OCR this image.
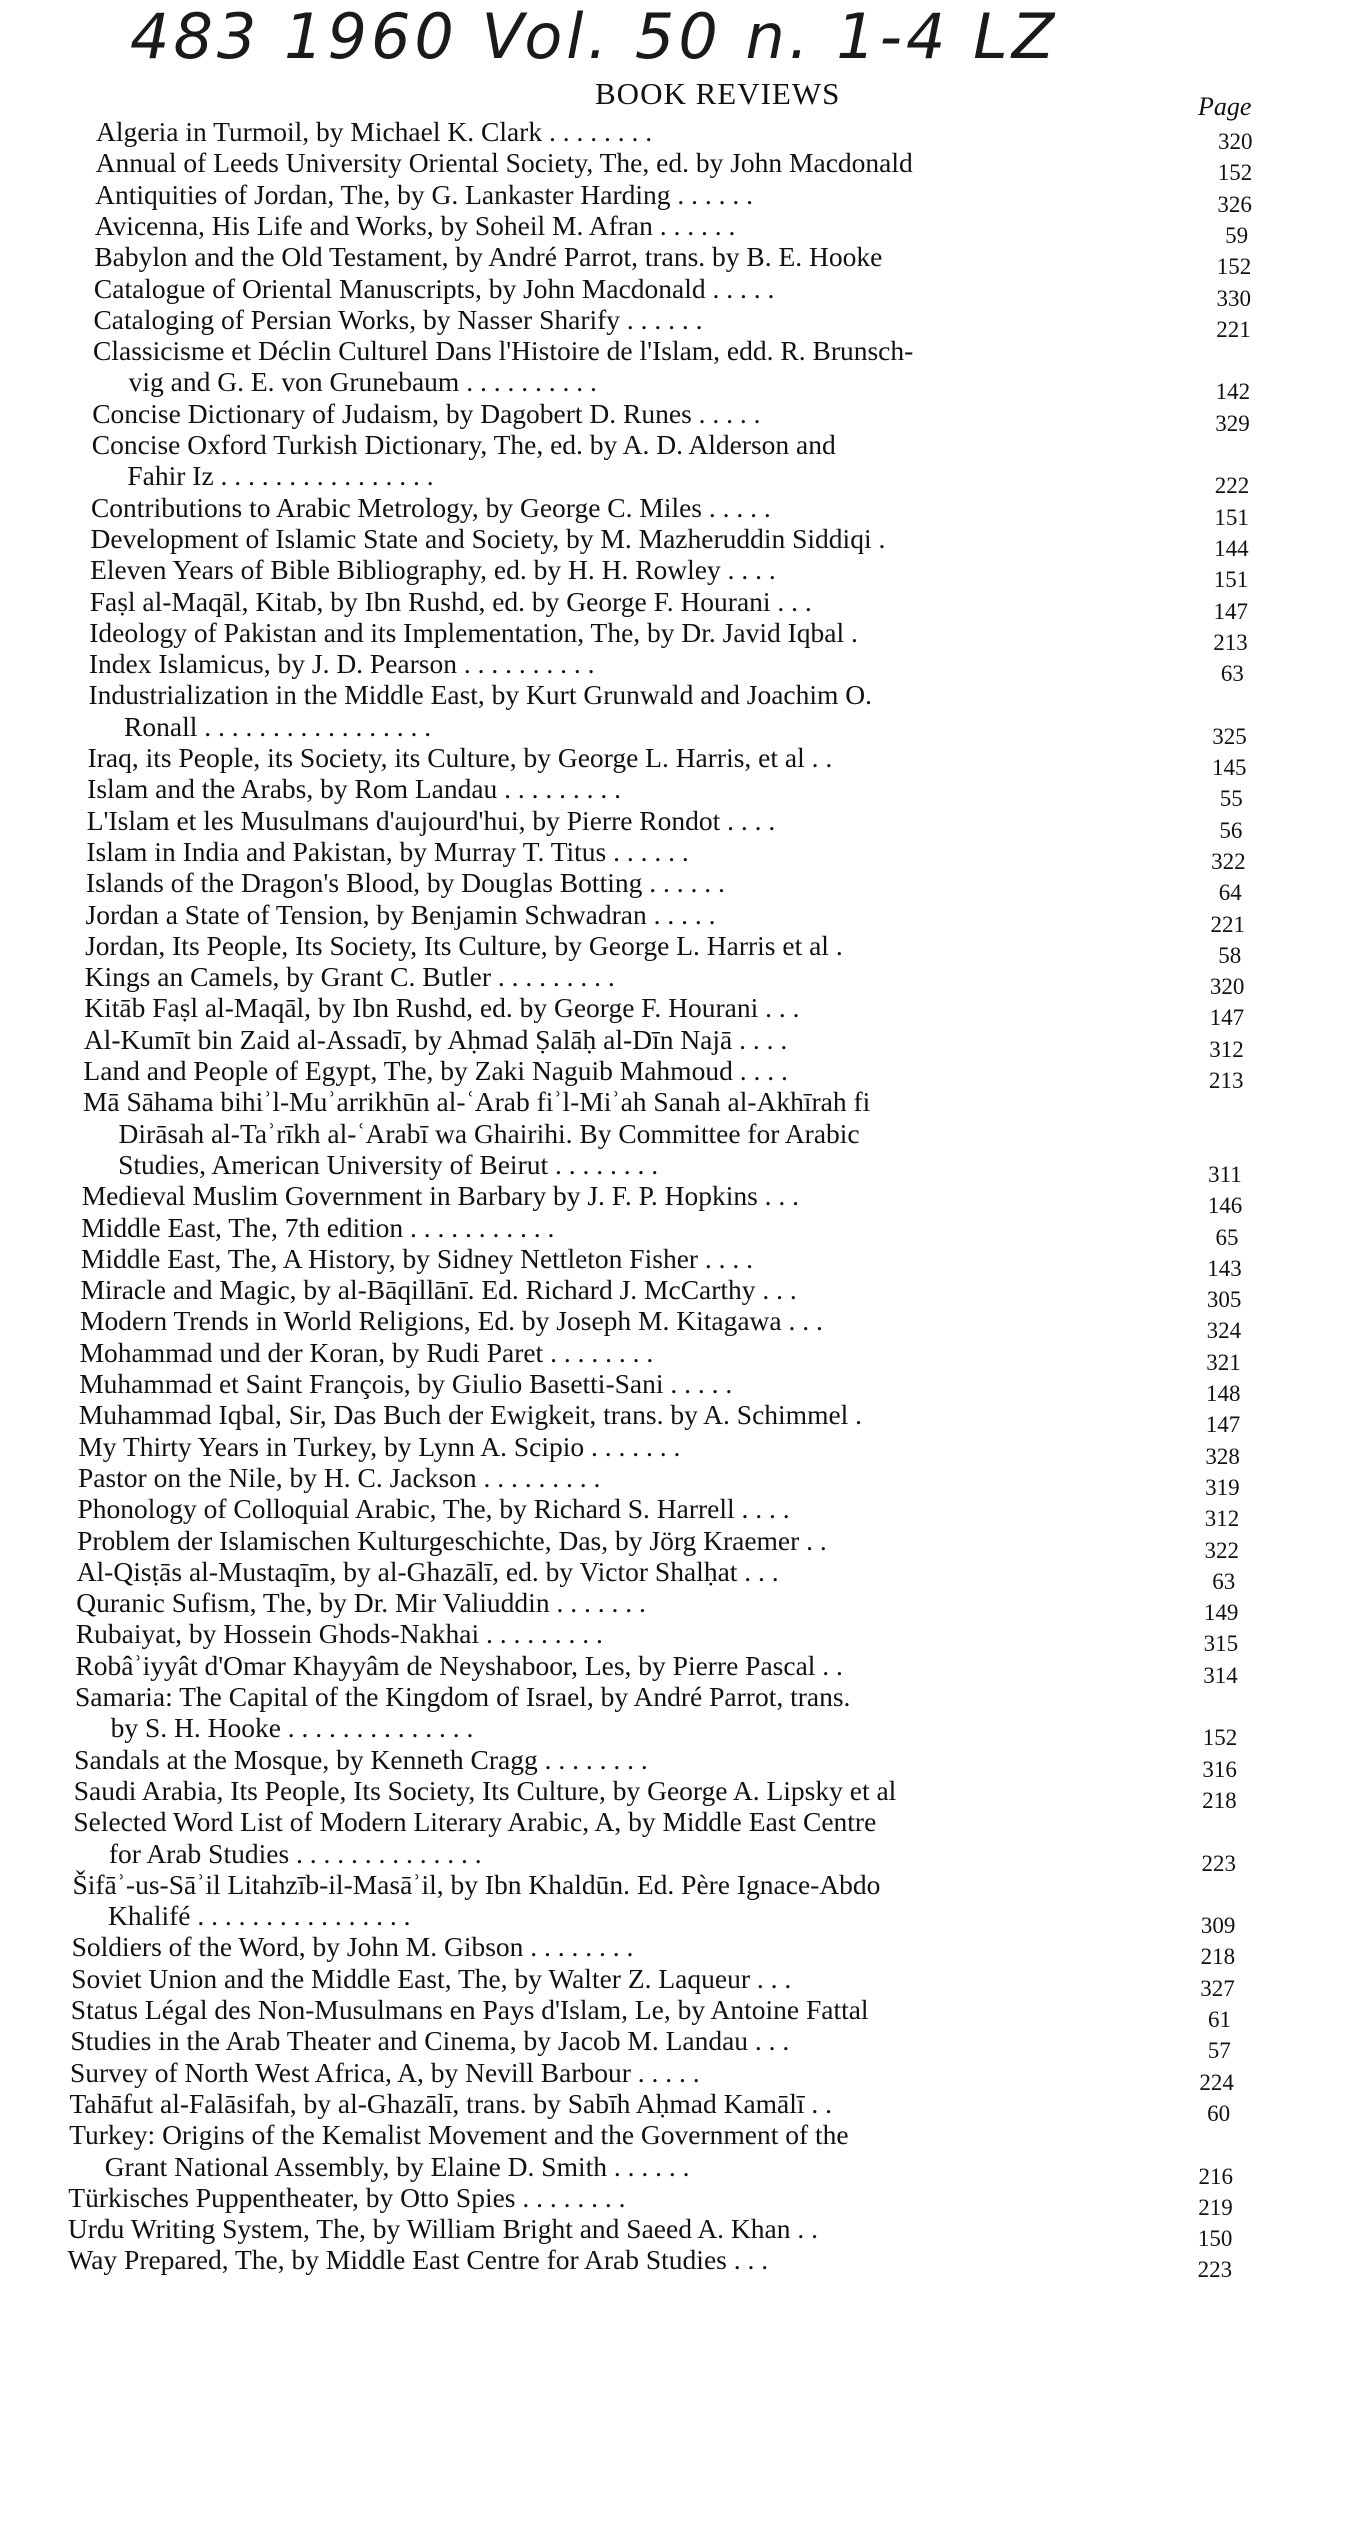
483 1960 Vol. 50 n. 1-4 LZ
BOOK REVIEWS	Page
Algeria in Turmoil, by Michael K. Clark . . . . . . . .
Annual of Leeds University Oriental Society, The, ed. by John Macdonald
Antiquities of Jordan, The, by G. Lankaster Harding . . . . . .
Avicenna, His Life and Works, by Soheil M. Afran . . . . . .
Babylon and the Old Testament, by André Parrot, trans. by B. E. Hooke
Catalogue of Oriental Manuscripts, by John Macdonald . . . . .
Cataloging of Persian Works, by Nasser Sharify . . . . . .
Classicisme et Déclin Culturel Dans l'Histoire de l'Islam, edd. R. Brunsch-
vig and G. E. von Grunebaum . . . . . . . . . .
Concise Dictionary of Judaism, by Dagobert D. Runes . . . . .
Concise Oxford Turkish Dictionary, The, ed. by A. D. Alderson and
Fahir Iz . . . . . . . . . . . . . . . .
Contributions to Arabic Metrology, by George C. Miles . . . . .
Development of Islamic State and Society, by M. Mazheruddin Siddiqi .
Eleven Years of Bible Bibliography, ed. by H. H. Rowley . . . .
Faṣl al-Maqāl, Kitab, by Ibn Rushd, ed. by George F. Hourani . . .
Ideology of Pakistan and its Implementation, The, by Dr. Javid Iqbal .
Index Islamicus, by J. D. Pearson . . . . . . . . . .
Industrialization in the Middle East, by Kurt Grunwald and Joachim O.
Ronall . . . . . . . . . . . . . . . . .
Iraq, its People, its Society, its Culture, by George L. Harris, et al . .
Islam and the Arabs, by Rom Landau . . . . . . . . .
L'Islam et les Musulmans d'aujourd'hui, by Pierre Rondot . . . .
Islam in India and Pakistan, by Murray T. Titus . . . . . .
Islands of the Dragon's Blood, by Douglas Botting . . . . . .
Jordan a State of Tension, by Benjamin Schwadran . . . . .
Jordan, Its People, Its Society, Its Culture, by George L. Harris et al .
Kings an Camels, by Grant C. Butler . . . . . . . . .
Kitāb Faṣl al-Maqāl, by Ibn Rushd, ed. by George F. Hourani . . .
Al-Kumīt bin Zaid al-Assadī, by Aḥmad Ṣalāḥ al-Dīn Najā . . . .
Land and People of Egypt, The, by Zaki Naguib Mahmoud . . . .
Mā Sāhama bihiʾl-Muʾarrikhūn al-ʿArab fiʾl-Miʾah Sanah al-Akhīrah fi
Dirāsah al-Taʾrīkh al-ʿArabī wa Ghairihi. By Committee for Arabic
Studies, American University of Beirut . . . . . . . .
Medieval Muslim Government in Barbary by J. F. P. Hopkins . . .
Middle East, The, 7th edition . . . . . . . . . . .
Middle East, The, A History, by Sidney Nettleton Fisher . . . .
Miracle and Magic, by al-Bāqillānī. Ed. Richard J. McCarthy . . .
Modern Trends in World Religions, Ed. by Joseph M. Kitagawa . . .
Mohammad und der Koran, by Rudi Paret . . . . . . . .
Muhammad et Saint François, by Giulio Basetti-Sani . . . . .
Muhammad Iqbal, Sir, Das Buch der Ewigkeit, trans. by A. Schimmel .
My Thirty Years in Turkey, by Lynn A. Scipio . . . . . . .
Pastor on the Nile, by H. C. Jackson . . . . . . . . .
Phonology of Colloquial Arabic, The, by Richard S. Harrell . . . .
Problem der Islamischen Kulturgeschichte, Das, by Jörg Kraemer . .
Al-Qisṭās al-Mustaqīm, by al-Ghazālī, ed. by Victor Shalḥat . . .
Quranic Sufism, The, by Dr. Mir Valiuddin . . . . . . .
Rubaiyat, by Hossein Ghods-Nakhai . . . . . . . . .
Robâʾiyyât d'Omar Khayyâm de Neyshaboor, Les, by Pierre Pascal . .
Samaria: The Capital of the Kingdom of Israel, by André Parrot, trans.
by S. H. Hooke . . . . . . . . . . . . . .
Sandals at the Mosque, by Kenneth Cragg . . . . . . . .
Saudi Arabia, Its People, Its Society, Its Culture, by George A. Lipsky et al
Selected Word List of Modern Literary Arabic, A, by Middle East Centre
for Arab Studies . . . . . . . . . . . . . .
Šifāʾ-us-Sāʾil Litahzīb-il-Masāʾil, by Ibn Khaldūn. Ed. Père Ignace-Abdo
Khalifé . . . . . . . . . . . . . . . .
Soldiers of the Word, by John M. Gibson . . . . . . . .
Soviet Union and the Middle East, The, by Walter Z. Laqueur . . .
Status Légal des Non-Musulmans en Pays d'Islam, Le, by Antoine Fattal
Studies in the Arab Theater and Cinema, by Jacob M. Landau . . .
Survey of North West Africa, A, by Nevill Barbour . . . . .
Tahāfut al-Falāsifah, by al-Ghazālī, trans. by Sabīh Aḥmad Kamālī . .
Turkey: Origins of the Kemalist Movement and the Government of the
Grant National Assembly, by Elaine D. Smith . . . . . .
Türkisches Puppentheater, by Otto Spies . . . . . . . .
Urdu Writing System, The, by William Bright and Saeed A. Khan . .
Way Prepared, The, by Middle East Centre for Arab Studies . . .
320
152
326
59
152
330
221
142
329
222
151
144
151
147
213
63
325
145
55
56
322
64
221
58
320
147
312
213
311
146
65
143
305
324
321
148
147
328
319
312
322
63
149
315
314
152
316
218
223
309
218
327
61
57
224
60
216
219
150
223
